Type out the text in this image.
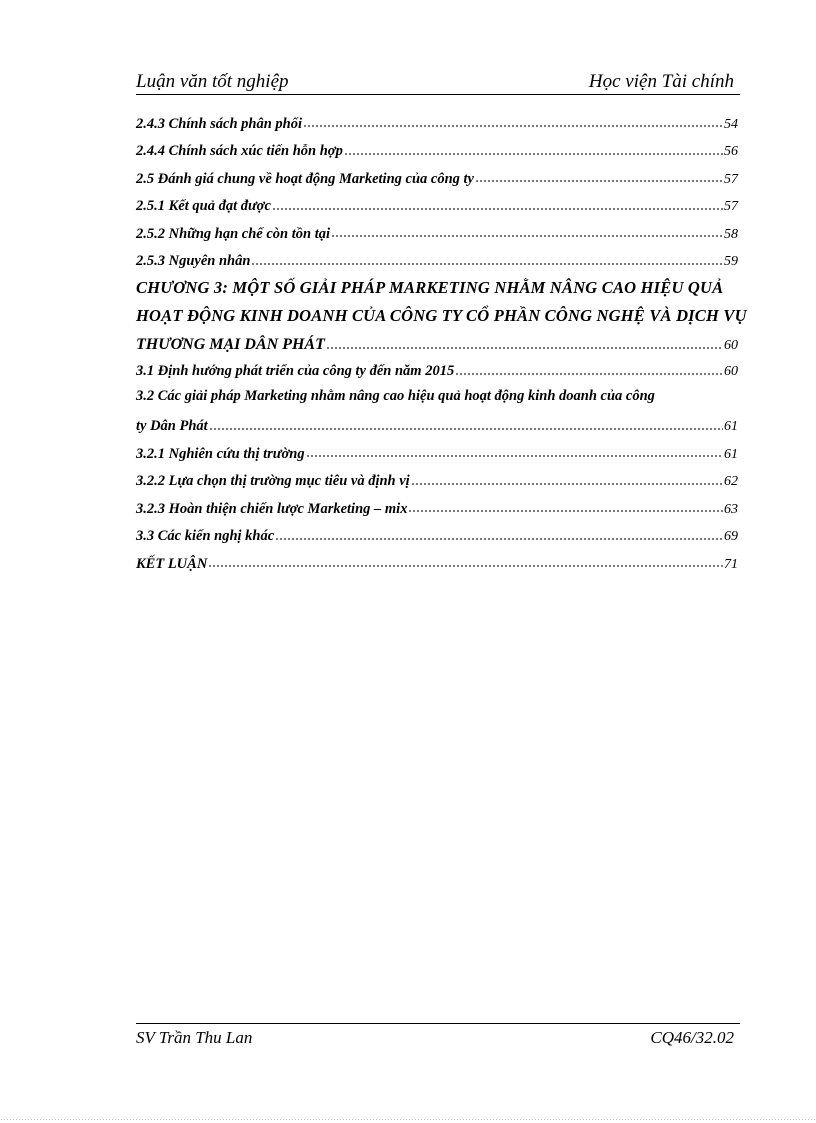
Luận văn tốt nghiệp	Học viện Tài chính
2.4.3 Chính sách phân phối	54
2.4.4 Chính sách xúc tiến hỗn hợp	56
2.5 Đánh giá chung về hoạt động Marketing của công ty	57
2.5.1 Kết quả đạt được	57
2.5.2 Những hạn chế còn tồn tại	58
2.5.3 Nguyên nhân	59
CHƯƠNG 3: MỘT SỐ GIẢI PHÁP MARKETING NHẰM NÂNG CAO HIỆU QUẢ
HOẠT ĐỘNG KINH DOANH CỦA CÔNG TY CỔ PHẦN CÔNG NGHỆ VÀ DỊCH VỤ
THƯƠNG MẠI DÂN PHÁT	60
3.1 Định hướng phát triển của công ty đến năm 2015	60
3.2 Các giải pháp Marketing nhằm nâng cao hiệu quả hoạt động kinh doanh của công
ty Dân Phát	61
3.2.1 Nghiên cứu thị trường	61
3.2.2 Lựa chọn thị trường mục tiêu và định vị	62
3.2.3 Hoàn thiện chiến lược Marketing – mix	63
3.3 Các kiến nghị khác	69
KẾT LUẬN	71
SV Trần Thu Lan	CQ46/32.02
